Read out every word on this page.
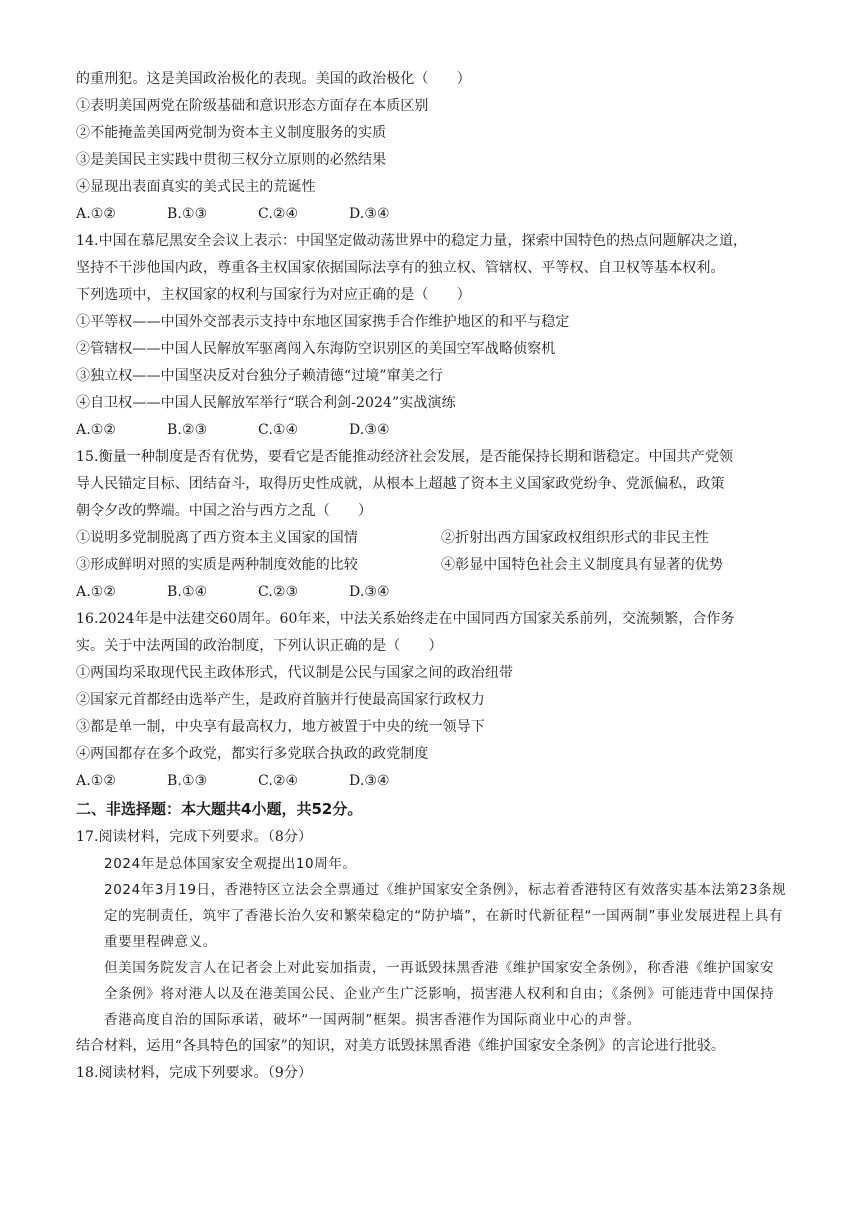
的重刑犯。这是美国政治极化的表现。美国的政治极化（　　）
①表明美国两党在阶级基础和意识形态方面存在本质区别
②不能掩盖美国两党制为资本主义制度服务的实质
③是美国民主实践中贯彻三权分立原则的必然结果
④显现出表面真实的美式民主的荒诞性
A.①②	B.①③	C.②④	D.③④
14.中国在慕尼黑安全会议上表示：中国坚定做动荡世界中的稳定力量，探索中国特色的热点问题解决之道，
坚持不干涉他国内政，尊重各主权国家依据国际法享有的独立权、管辖权、平等权、自卫权等基本权利。
下列选项中，主权国家的权利与国家行为对应正确的是（　　）
①平等权——中国外交部表示支持中东地区国家携手合作维护地区的和平与稳定
②管辖权——中国人民解放军驱离闯入东海防空识别区的美国空军战略侦察机
③独立权——中国坚决反对台独分子赖清德“过境”窜美之行
④自卫权——中国人民解放军举行“联合利剑-2024”实战演练
A.①②	B.②③	C.①④	D.③④
15.衡量一种制度是否有优势，要看它是否能推动经济社会发展，是否能保持长期和谐稳定。中国共产党领
导人民锚定目标、团结奋斗，取得历史性成就，从根本上超越了资本主义国家政党纷争、党派偏私，政策
朝令夕改的弊端。中国之治与西方之乱（　　）
①说明多党制脱离了西方资本主义国家的国情	②折射出西方国家政权组织形式的非民主性
③形成鲜明对照的实质是两种制度效能的比较	④彰显中国特色社会主义制度具有显著的优势
A.①②	B.①④	C.②③	D.③④
16.2024年是中法建交60周年。60年来，中法关系始终走在中国同西方国家关系前列，交流频繁，合作务
实。关于中法两国的政治制度，下列认识正确的是（　　）
①两国均采取现代民主政体形式，代议制是公民与国家之间的政治纽带
②国家元首都经由选举产生，是政府首脑并行使最高国家行政权力
③都是单一制，中央享有最高权力，地方被置于中央的统一领导下
④两国都存在多个政党，都实行多党联合执政的政党制度
A.①②	B.①③	C.②④	D.③④
二、非选择题：本大题共4小题，共52分。
17.阅读材料，完成下列要求。（8分）
2024年是总体国家安全观提出10周年。
2024年3月19日，香港特区立法会全票通过《维护国家安全条例》，标志着香港特区有效落实基本法第23条规定的宪制责任，筑牢了香港长治久安和繁荣稳定的“防护墙”，在新时代新征程“一国两制”事业发展进程上具有重要里程碑意义。
但美国务院发言人在记者会上对此妄加指责，一再诋毁抹黑香港《维护国家安全条例》，称香港《维护国家安全条例》将对港人以及在港美国公民、企业产生广泛影响，损害港人权利和自由；《条例》可能违背中国保持香港高度自治的国际承诺，破坏“一国两制”框架。损害香港作为国际商业中心的声誉。
结合材料，运用“各具特色的国家”的知识，对美方诋毁抹黑香港《维护国家安全条例》的言论进行批驳。
18.阅读材料，完成下列要求。（9分）
